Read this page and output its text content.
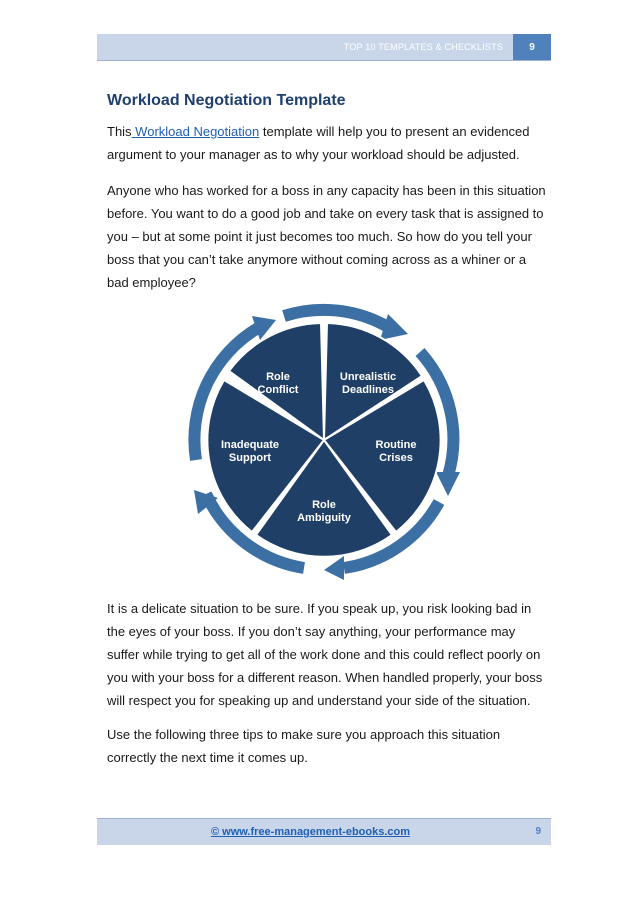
TOP 10 TEMPLATES & CHECKLISTS	9
Workload Negotiation Template

This Workload Negotiation template will help you to present an evidenced argument to your manager as to why your workload should be adjusted.

Anyone who has worked for a boss in any capacity has been in this situation before. You want to do a good job and take on every task that is assigned to you – but at some point it just becomes too much. So how do you tell your boss that you can’t take anymore without coming across as a whiner or a bad employee?

Role Conflict
Unrealistic Deadlines
Routine Crises
Role Ambiguity
Inadequate Support

It is a delicate situation to be sure. If you speak up, you risk looking bad in the eyes of your boss. If you don’t say anything, your performance may suffer while trying to get all of the work done and this could reflect poorly on you with your boss for a different reason. When handled properly, your boss will respect you for speaking up and understand your side of the situation.

Use the following three tips to make sure you approach this situation correctly the next time it comes up.

© www.free-management-ebooks.com	9
